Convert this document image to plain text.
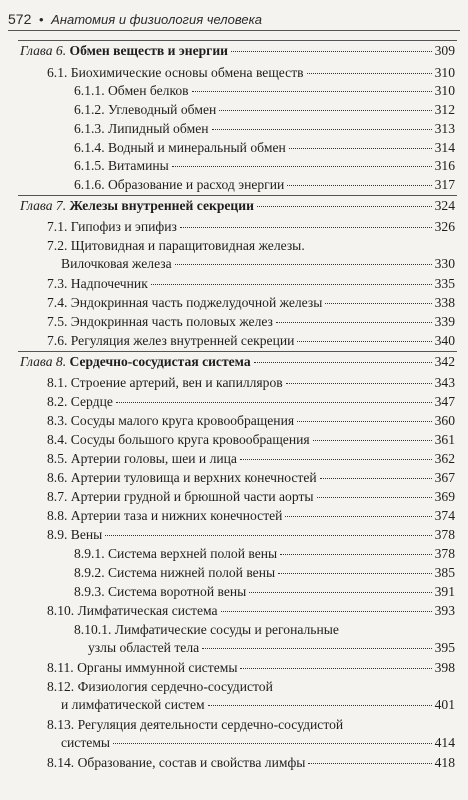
572 • Анатомия и физиология человека
Глава 6. Обмен веществ и энергии	309
6.1. Биохимические основы обмена веществ	310
6.1.1. Обмен белков	310
6.1.2. Углеводный обмен	312
6.1.3. Липидный обмен	313
6.1.4. Водный и минеральный обмен	314
6.1.5. Витамины	316
6.1.6. Образование и расход энергии	317
Глава 7. Железы внутренней секреции	324
7.1. Гипофиз и эпифиз	326
7.2. Щитовидная и паращитовидная железы.
Вилочковая железа	330
7.3. Надпочечник	335
7.4. Эндокринная часть поджелудочной железы	338
7.5. Эндокринная часть половых желез	339
7.6. Регуляция желез внутренней секреции	340
Глава 8. Сердечно-сосудистая система	342
8.1. Строение артерий, вен и капилляров	343
8.2. Сердце	347
8.3. Сосуды малого круга кровообращения	360
8.4. Сосуды большого круга кровообращения	361
8.5. Артерии головы, шеи и лица	362
8.6. Артерии туловища и верхних конечностей	367
8.7. Артерии грудной и брюшной части аорты	369
8.8. Артерии таза и нижних конечностей	374
8.9. Вены	378
8.9.1. Система верхней полой вены	378
8.9.2. Система нижней полой вены	385
8.9.3. Система воротной вены	391
8.10. Лимфатическая система	393
8.10.1. Лимфатические сосуды и регональные
узлы областей тела	395
8.11. Органы иммунной системы	398
8.12. Физиология сердечно-сосудистой
и лимфатической систем	401
8.13. Регуляция деятельности сердечно-сосудистой
системы	414
8.14. Образование, состав и свойства лимфы	418
